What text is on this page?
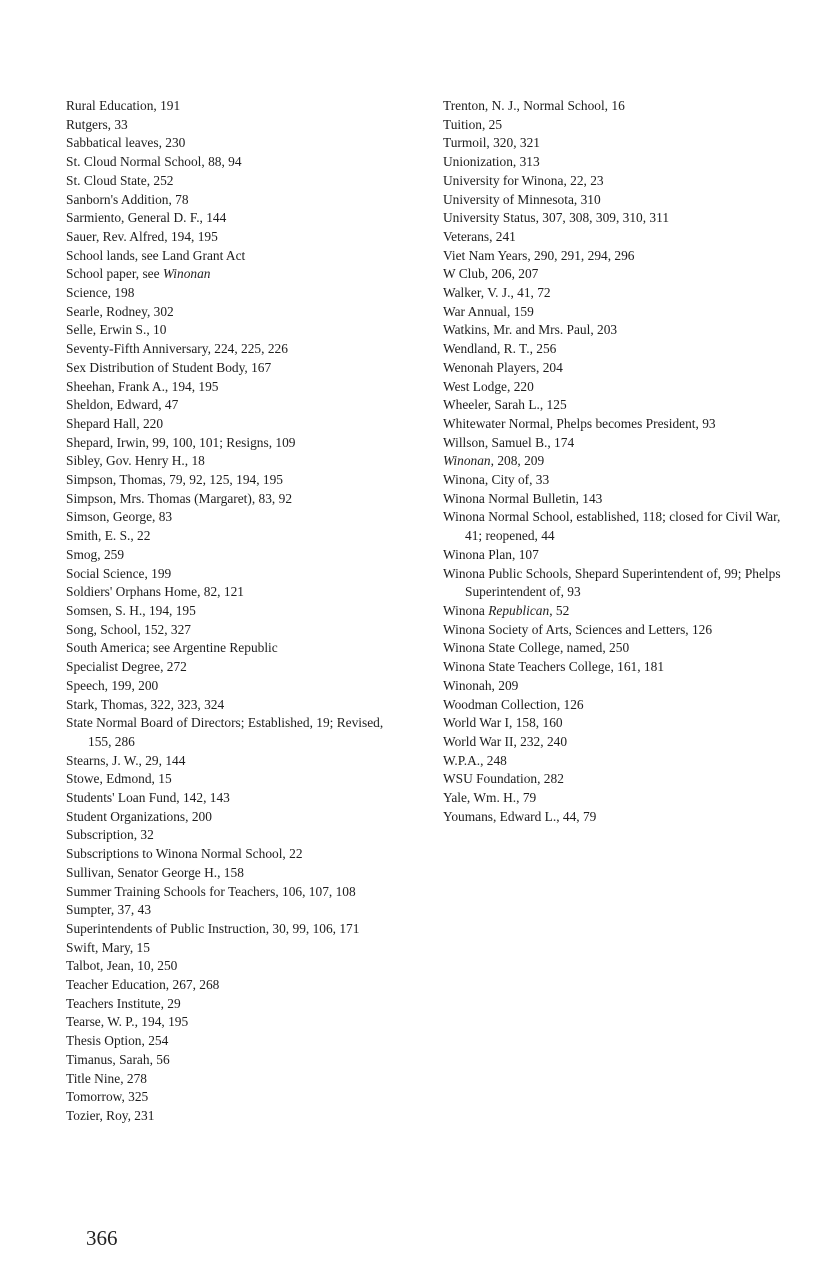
Rural Education, 191
Rutgers, 33
Sabbatical leaves, 230
St. Cloud Normal School, 88, 94
St. Cloud State, 252
Sanborn's Addition, 78
Sarmiento, General D. F., 144
Sauer, Rev. Alfred, 194, 195
School lands, see Land Grant Act
School paper, see Winonan
Science, 198
Searle, Rodney, 302
Selle, Erwin S., 10
Seventy-Fifth Anniversary, 224, 225, 226
Sex Distribution of Student Body, 167
Sheehan, Frank A., 194, 195
Sheldon, Edward, 47
Shepard Hall, 220
Shepard, Irwin, 99, 100, 101; Resigns, 109
Sibley, Gov. Henry H., 18
Simpson, Thomas, 79, 92, 125, 194, 195
Simpson, Mrs. Thomas (Margaret), 83, 92
Simson, George, 83
Smith, E. S., 22
Smog, 259
Social Science, 199
Soldiers' Orphans Home, 82, 121
Somsen, S. H., 194, 195
Song, School, 152, 327
South America; see Argentine Republic
Specialist Degree, 272
Speech, 199, 200
Stark, Thomas, 322, 323, 324
State Normal Board of Directors; Established, 19; Revised, 155, 286
Stearns, J. W., 29, 144
Stowe, Edmond, 15
Students' Loan Fund, 142, 143
Student Organizations, 200
Subscription, 32
Subscriptions to Winona Normal School, 22
Sullivan, Senator George H., 158
Summer Training Schools for Teachers, 106, 107, 108
Sumpter, 37, 43
Superintendents of Public Instruction, 30, 99, 106, 171
Swift, Mary, 15
Talbot, Jean, 10, 250
Teacher Education, 267, 268
Teachers Institute, 29
Tearse, W. P., 194, 195
Thesis Option, 254
Timanus, Sarah, 56
Title Nine, 278
Tomorrow, 325
Tozier, Roy, 231
Trenton, N. J., Normal School, 16
Tuition, 25
Turmoil, 320, 321
Unionization, 313
University for Winona, 22, 23
University of Minnesota, 310
University Status, 307, 308, 309, 310, 311
Veterans, 241
Viet Nam Years, 290, 291, 294, 296
W Club, 206, 207
Walker, V. J., 41, 72
War Annual, 159
Watkins, Mr. and Mrs. Paul, 203
Wendland, R. T., 256
Wenonah Players, 204
West Lodge, 220
Wheeler, Sarah L., 125
Whitewater Normal, Phelps becomes President, 93
Willson, Samuel B., 174
Winonan, 208, 209
Winona, City of, 33
Winona Normal Bulletin, 143
Winona Normal School, established, 118; closed for Civil War, 41; reopened, 44
Winona Plan, 107
Winona Public Schools, Shepard Superintendent of, 99; Phelps Superintendent of, 93
Winona Republican, 52
Winona Society of Arts, Sciences and Letters, 126
Winona State College, named, 250
Winona State Teachers College, 161, 181
Winonah, 209
Woodman Collection, 126
World War I, 158, 160
World War II, 232, 240
W.P.A., 248
WSU Foundation, 282
Yale, Wm. H., 79
Youmans, Edward L., 44, 79
366
